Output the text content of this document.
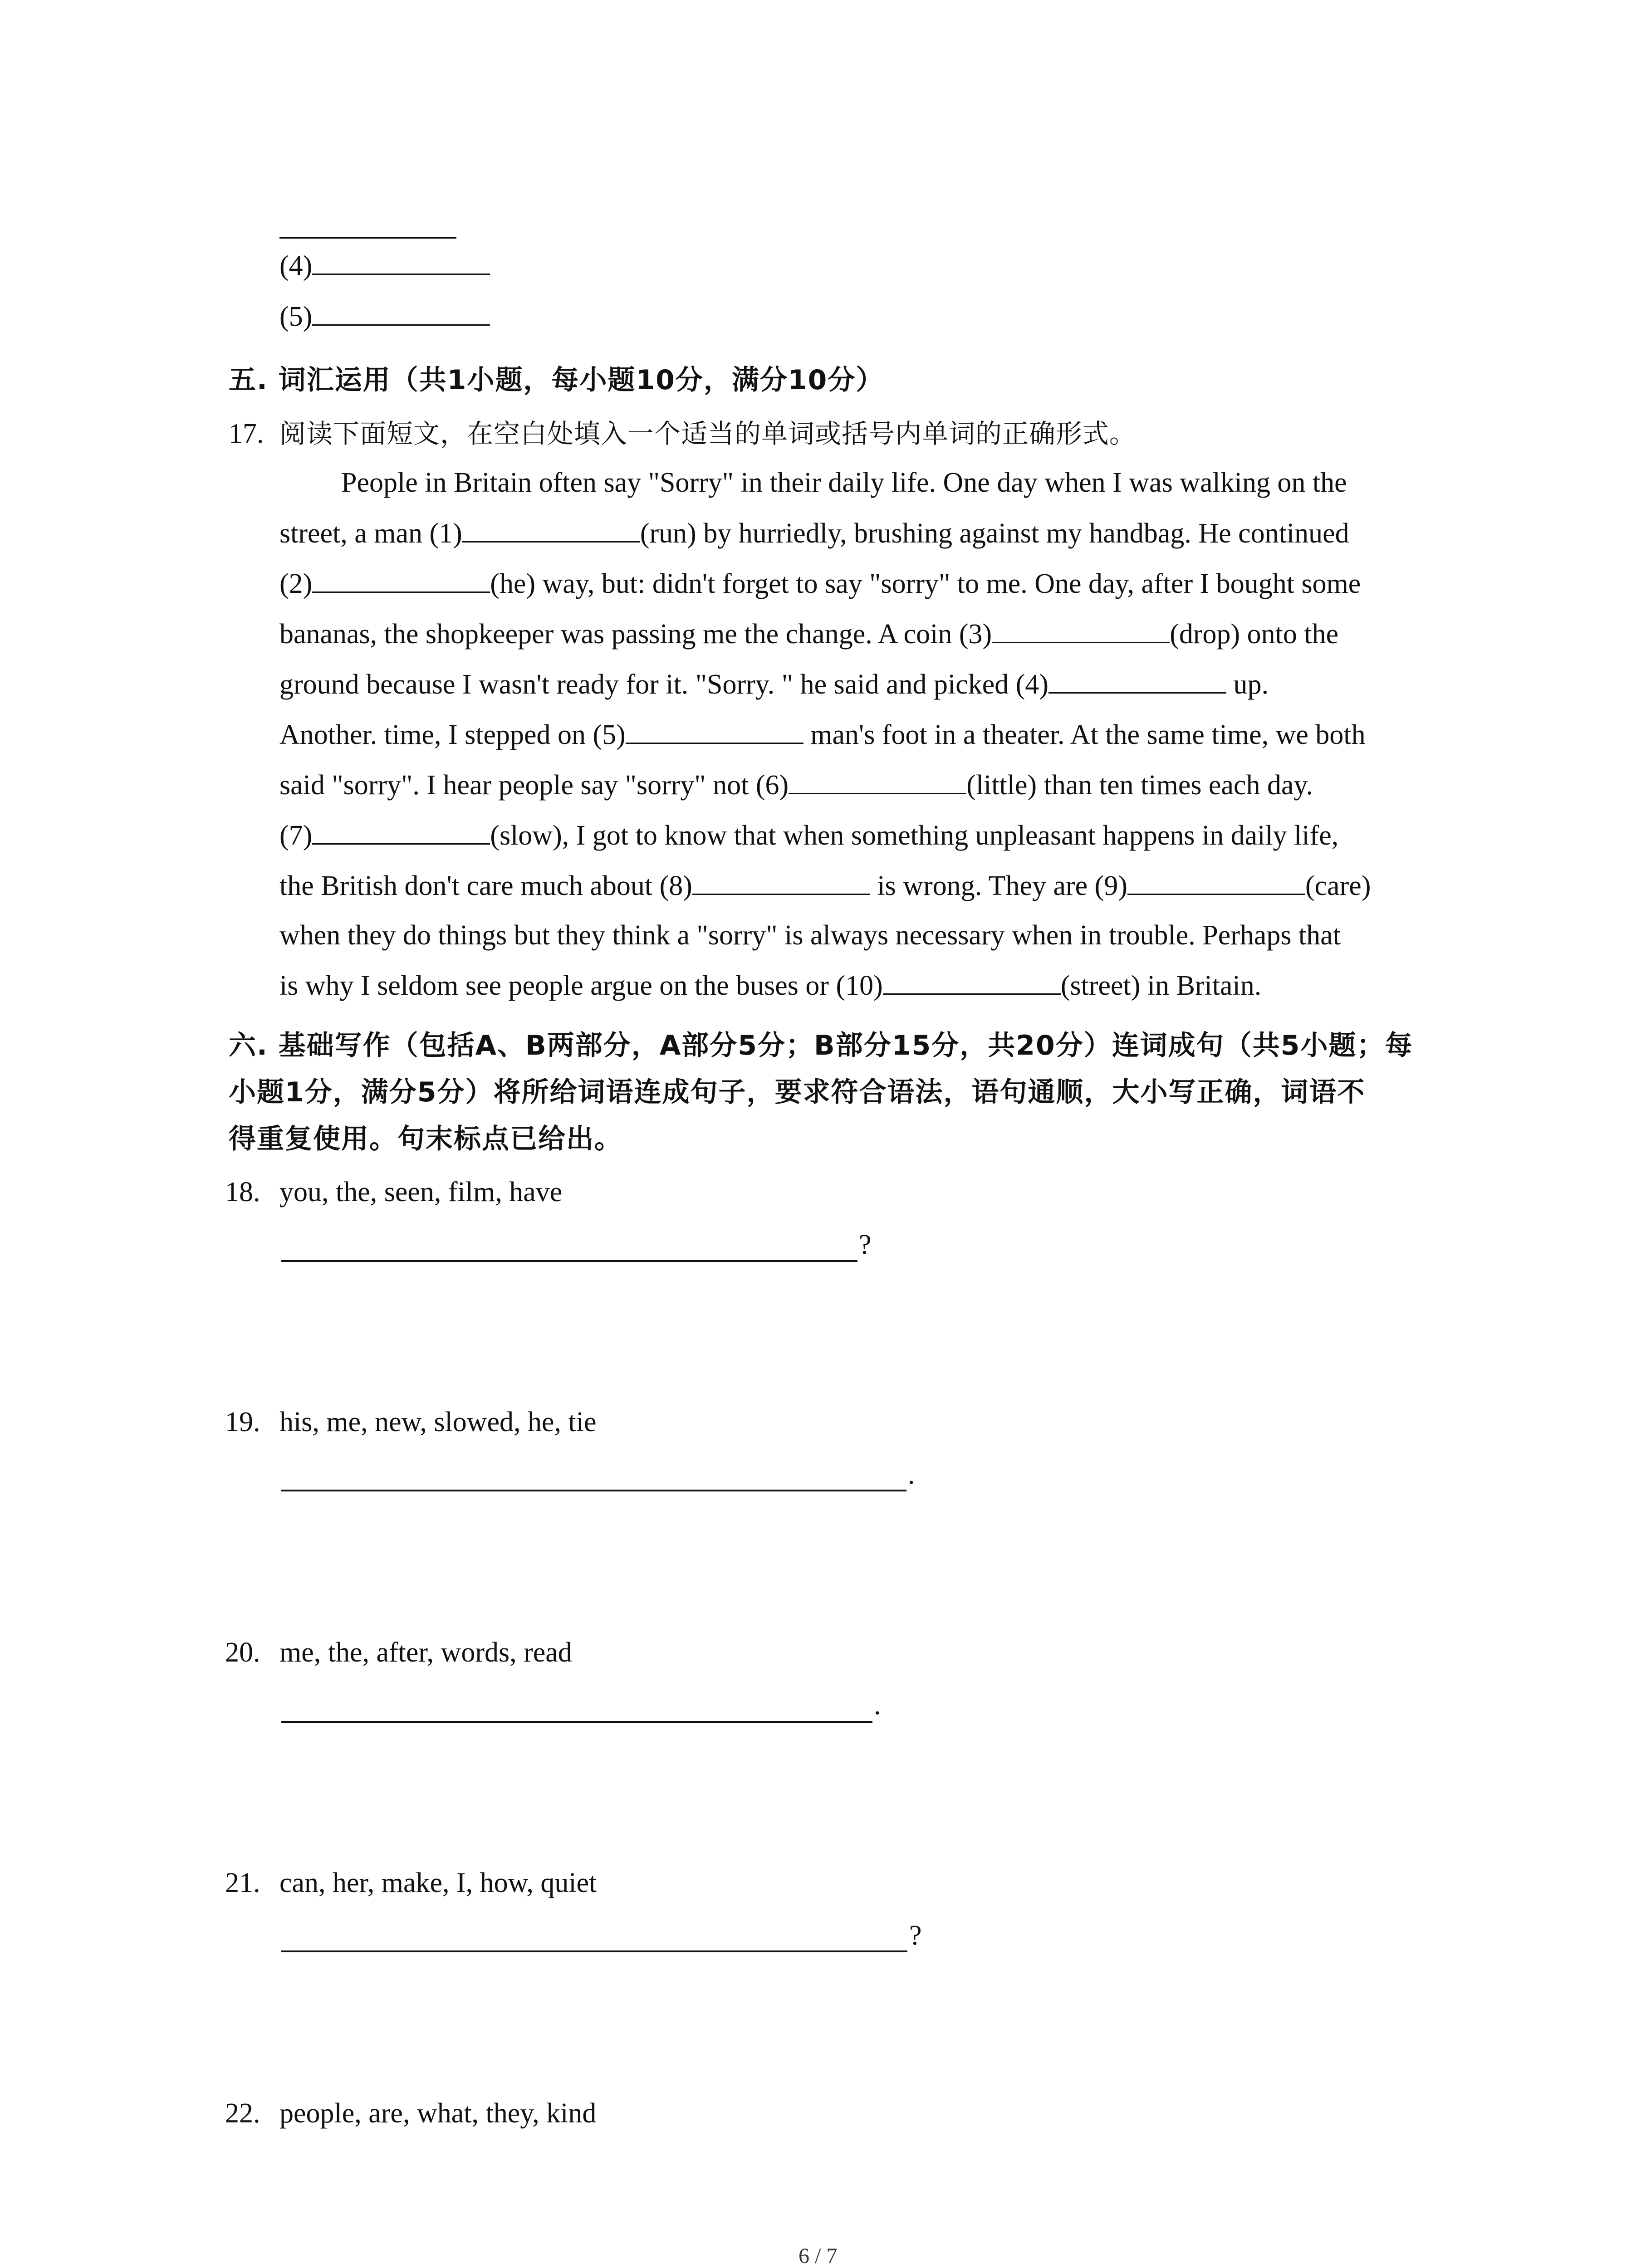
(4)
(5)
五. 词汇运用（共1小题，每小题10分，满分10分）
17. 阅读下面短文，在空白处填入一个适当的单词或括号内单词的正确形式。
People in Britain often say "Sorry" in their daily life. One day when I was walking on the
street, a man (1)	(run) by hurriedly, brushing against my handbag. He continued
(2)	(he) way, but: didn't forget to say "sorry" to me. One day, after I bought some
bananas, the shopkeeper was passing me the change. A coin (3)	(drop) onto the
ground because I wasn't ready for it. "Sorry. " he said and picked (4)	up.
Another. time, I stepped on (5)	man's foot in a theater. At the same time, we both
said "sorry". I hear people say "sorry" not (6)	(little) than ten times each day.
(7)	(slow), I got to know that when something unpleasant happens in daily life,
the British don't care much about (8)	is wrong. They are (9)	(care)
when they do things but they think a "sorry" is always necessary when in trouble. Perhaps that
is why I seldom see people argue on the buses or (10)	(street) in Britain.
六. 基础写作（包括A、B两部分，A部分5分；B部分15分，共20分）连词成句（共5小题；每
小题1分，满分5分）将所给词语连成句子，要求符合语法，语句通顺，大小写正确，词语不
得重复使用。句末标点已给出。
18. you, the, seen, film, have
?
19. his, me, new, slowed, he, tie
.
20. me, the, after, words, read
.
21. can, her, make, I, how, quiet
?
22. people, are, what, they, kind
6 / 7
